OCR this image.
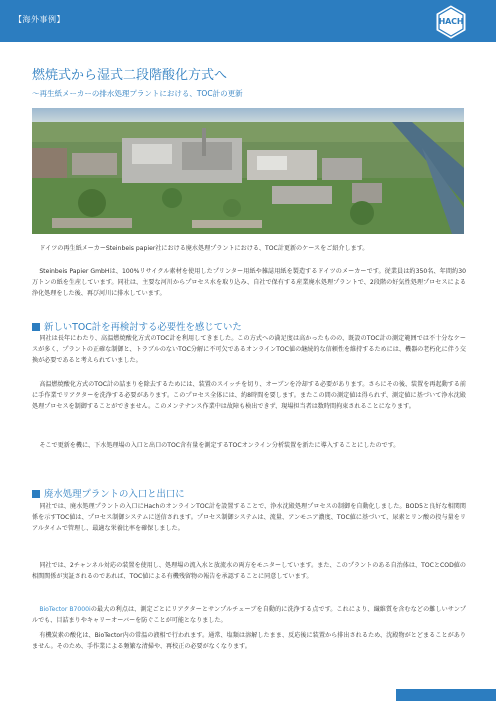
【海外事例】	HACH
燃焼式から湿式二段階酸化方式へ
〜再生紙メーカーの排水処理プラントにおける、TOC計の更新

ドイツの再生紙メーカーSteinbeis papier社における廃水処理プラントにおける、TOC計更新のケースをご紹介します。

Steinbeis Papier GmbHは、100%リサイクル素材を使用したプリンター用紙や雑誌用紙を製造するドイツのメーカーです。従業員は約350名、年間約30万トンの紙を生産しています。同社は、主要な河川からプロセス水を取り込み、自社で保有する産業廃水処理プラントで、2段階の好気性処理プロセスによる浄化処理をした後、再び河川に排水しています。

新しいTOC計を再検討する必要性を感じていた

同社は長年にわたり、高温燃焼酸化方式のTOC計を利用してきました。この方式への満足度は高かったものの、既設のTOC計の測定範囲では不十分なケースが多く、プラントの正確な制御と、トラブルのないTOC分解に不可欠であるオンラインTOC値の継続的な信頼性を維持するためには、機器の老朽化に伴う交換が必要であると考えられていました。

高温燃焼酸化方式のTOC計の詰まりを除去するためには、装置のスイッチを切り、オーブンを冷却する必要があります。さらにその後、装置を再起動する前に手作業でリアクターを洗浄する必要があります。このプロセス全体には、約8時間を要します。またこの間の測定値は得られず、測定値に基づいて浄水沈殿処理プロセスを制御することができません。このメンテナンス作業中は故障も検出できず、現場担当者は数時間拘束されることになります。

そこで更新を機に、下水処理場の入口と出口のTOC含有量を測定するTOCオンライン分析装置を新たに導入することにしたのです。

廃水処理プラントの入口と出口に

同社では、廃水処理プラントの入口にHachのオンラインTOC計を設置することで、浄水沈殿処理プロセスの制御を自動化しました。BOD5と良好な相関関係を示すTOC値は、プロセス制御システムに送信されます。プロセス制御システムは、流量、アンモニア濃度、TOC値に基づいて、尿素とリン酸の投与量をリアルタイムで管理し、最適な栄養比率を確保しました。

同社では、2チャンネル対応の装置を使用し、処理場の流入水と放流水の両方をモニターしています。また、このプラントのある自治体は、TOCとCOD値の相関関係が実証されるのであれば、TOC値による有機残留物の報告を承認することに同意しています。

BioTector B7000iの最大の利点は、測定ごとにリアクターとサンプルチューブを自動的に洗浄する点です。これにより、繊維質を含むなどの難しいサンプルでも、目詰まりやキャリーオーバーを防ぐことが可能となりました。

有機炭素の酸化は、BioTector内の常温の液相で行われます。通常、塩類は溶解したまま、反応後に装置から排出されるため、沈殿物がとどまることがありません。そのため、手作業による頻繁な清掃や、再校正の必要がなくなります。
